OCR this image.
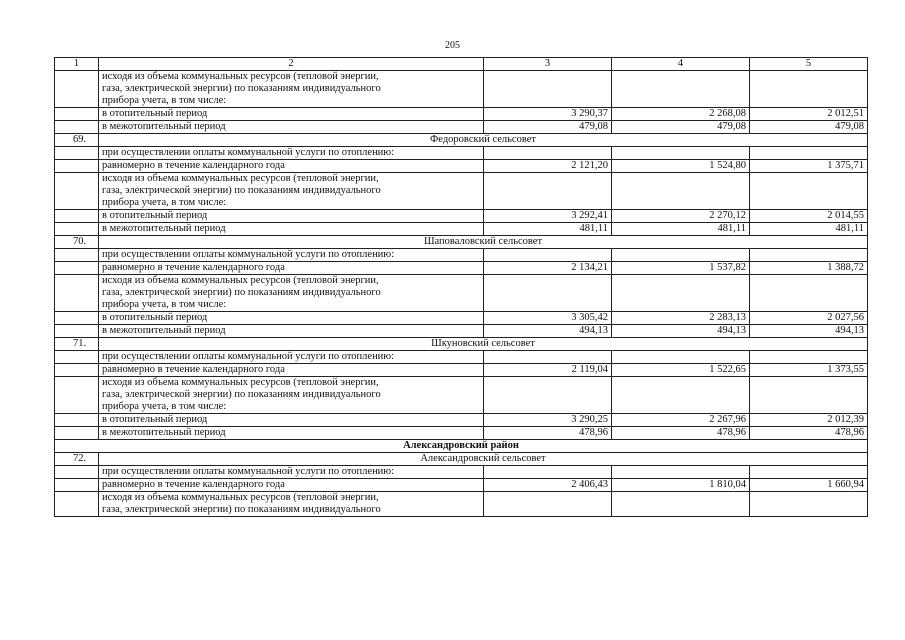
205
1	2	3	4	5

	исходя из объема коммунальных ресурсов (тепловой энергии,
газа, электрической энергии) по показаниям индивидуального
прибора учета, в том числе:			

	в отопительный период	3 290,37	2 268,08	2 012,51
	в межотопительный период	479,08	479,08	479,08
69.	Федоровский сельсовет			
	при осуществлении оплаты коммунальной услуги по отоплению:			
	равномерно в течение календарного года	2 121,20	1 524,80	1 375,71

	исходя из объема коммунальных ресурсов (тепловой энергии,
газа, электрической энергии) по показаниям индивидуального
прибора учета, в том числе:			

	в отопительный период	3 292,41	2 270,12	2 014,55
	в межотопительный период	481,11	481,11	481,11
70.	Шаповаловский сельсовет			
	при осуществлении оплаты коммунальной услуги по отоплению:			
	равномерно в течение календарного года	2 134,21	1 537,82	1 388,72

	исходя из объема коммунальных ресурсов (тепловой энергии,
газа, электрической энергии) по показаниям индивидуального
прибора учета, в том числе:			

	в отопительный период	3 305,42	2 283,13	2 027,56
	в межотопительный период	494,13	494,13	494,13
71.	Шкуновский сельсовет			
	при осуществлении оплаты коммунальной услуги по отоплению:			
	равномерно в течение календарного года	2 119,04	1 522,65	1 373,55

	исходя из объема коммунальных ресурсов (тепловой энергии,
газа, электрической энергии) по показаниям индивидуального
прибора учета, в том числе:			

	в отопительный период	3 290,25	2 267,96	2 012,39
	в межотопительный период	478,96	478,96	478,96
Александровский район				
72.	Александровский сельсовет			
	при осуществлении оплаты коммунальной услуги по отоплению:			
	равномерно в течение календарного года	2 406,43	1 810,04	1 660,94

	исходя из объема коммунальных ресурсов (тепловой энергии,
газа, электрической энергии) по показаниям индивидуального			
